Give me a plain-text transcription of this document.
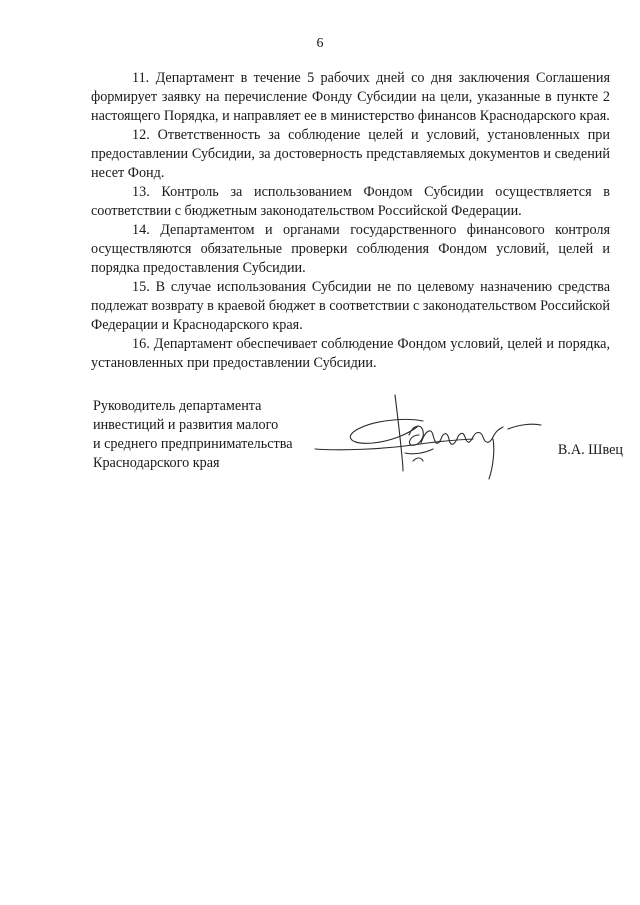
6

11. Департамент в течение 5 рабочих дней со дня заключения Соглашения формирует заявку на перечисление Фонду Субсидии на цели, указанные в пункте 2 настоящего Порядка, и направляет ее в министерство финансов Краснодарского края.

12. Ответственность за соблюдение целей и условий, установленных при предоставлении Субсидии, за достоверность представляемых документов и сведений несет Фонд.

13. Контроль за использованием Фондом Субсидии осуществляется в соответствии с бюджетным законодательством Российской Федерации.

14. Департаментом и органами государственного финансового контроля осуществляются обязательные проверки соблюдения Фондом условий, целей и порядка предоставления Субсидии.

15. В случае использования Субсидии не по целевому назначению средства подлежат возврату в краевой бюджет в соответствии с законодательством Российской Федерации и Краснодарского края.

16. Департамент обеспечивает соблюдение Фондом условий, целей и порядка, установленных при предоставлении Субсидии.

Руководитель департамента
инвестиций и развития малого
и среднего предпринимательства
Краснодарского края
В.А. Швец
